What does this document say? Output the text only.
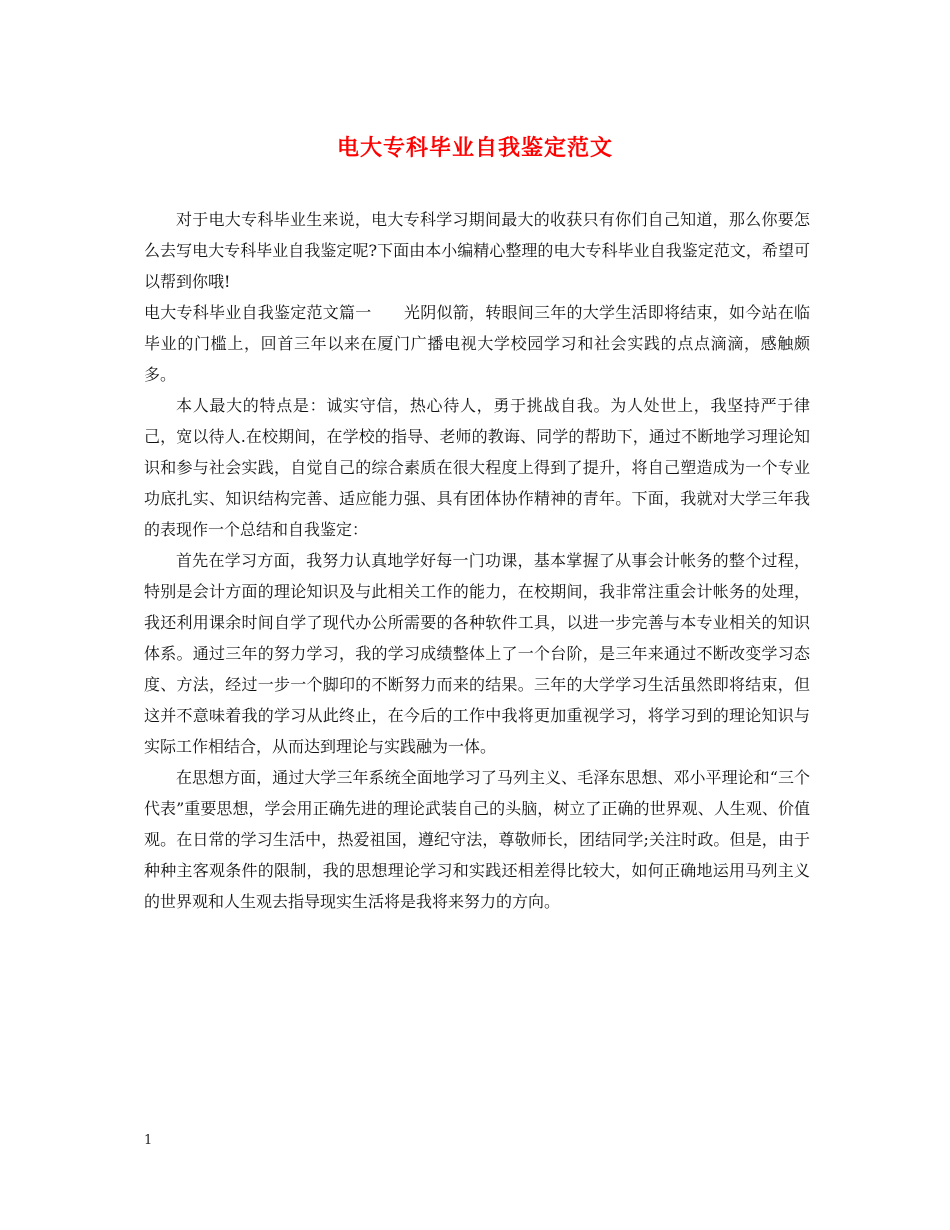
电大专科毕业自我鉴定范文

对于电大专科毕业生来说，电大专科学习期间最大的收获只有你们自己知道，那么你要怎么去写电大专科毕业自我鉴定呢?下面由本小编精心整理的电大专科毕业自我鉴定范文，希望可以帮到你哦!

电大专科毕业自我鉴定范文篇一　　光阴似箭，转眼间三年的大学生活即将结束，如今站在临毕业的门槛上，回首三年以来在厦门广播电视大学校园学习和社会实践的点点滴滴，感触颇多。

本人最大的特点是：诚实守信，热心待人，勇于挑战自我。为人处世上，我坚持严于律己，宽以待人.在校期间，在学校的指导、老师的教诲、同学的帮助下，通过不断地学习理论知识和参与社会实践，自觉自己的综合素质在很大程度上得到了提升，将自己塑造成为一个专业功底扎实、知识结构完善、适应能力强、具有团体协作精神的青年。下面，我就对大学三年我的表现作一个总结和自我鉴定：

首先在学习方面，我努力认真地学好每一门功课，基本掌握了从事会计帐务的整个过程，特别是会计方面的理论知识及与此相关工作的能力，在校期间，我非常注重会计帐务的处理，我还利用课余时间自学了现代办公所需要的各种软件工具，以进一步完善与本专业相关的知识体系。通过三年的努力学习，我的学习成绩整体上了一个台阶，是三年来通过不断改变学习态度、方法，经过一步一个脚印的不断努力而来的结果。三年的大学学习生活虽然即将结束，但这并不意味着我的学习从此终止，在今后的工作中我将更加重视学习，将学习到的理论知识与实际工作相结合，从而达到理论与实践融为一体。

在思想方面，通过大学三年系统全面地学习了马列主义、毛泽东思想、邓小平理论和“三个代表”重要思想，学会用正确先进的理论武装自己的头脑，树立了正确的世界观、人生观、价值观。在日常的学习生活中，热爱祖国，遵纪守法，尊敬师长，团结同学;关注时政。但是，由于种种主客观条件的限制，我的思想理论学习和实践还相差得比较大，如何正确地运用马列主义的世界观和人生观去指导现实生活将是我将来努力的方向。

1
